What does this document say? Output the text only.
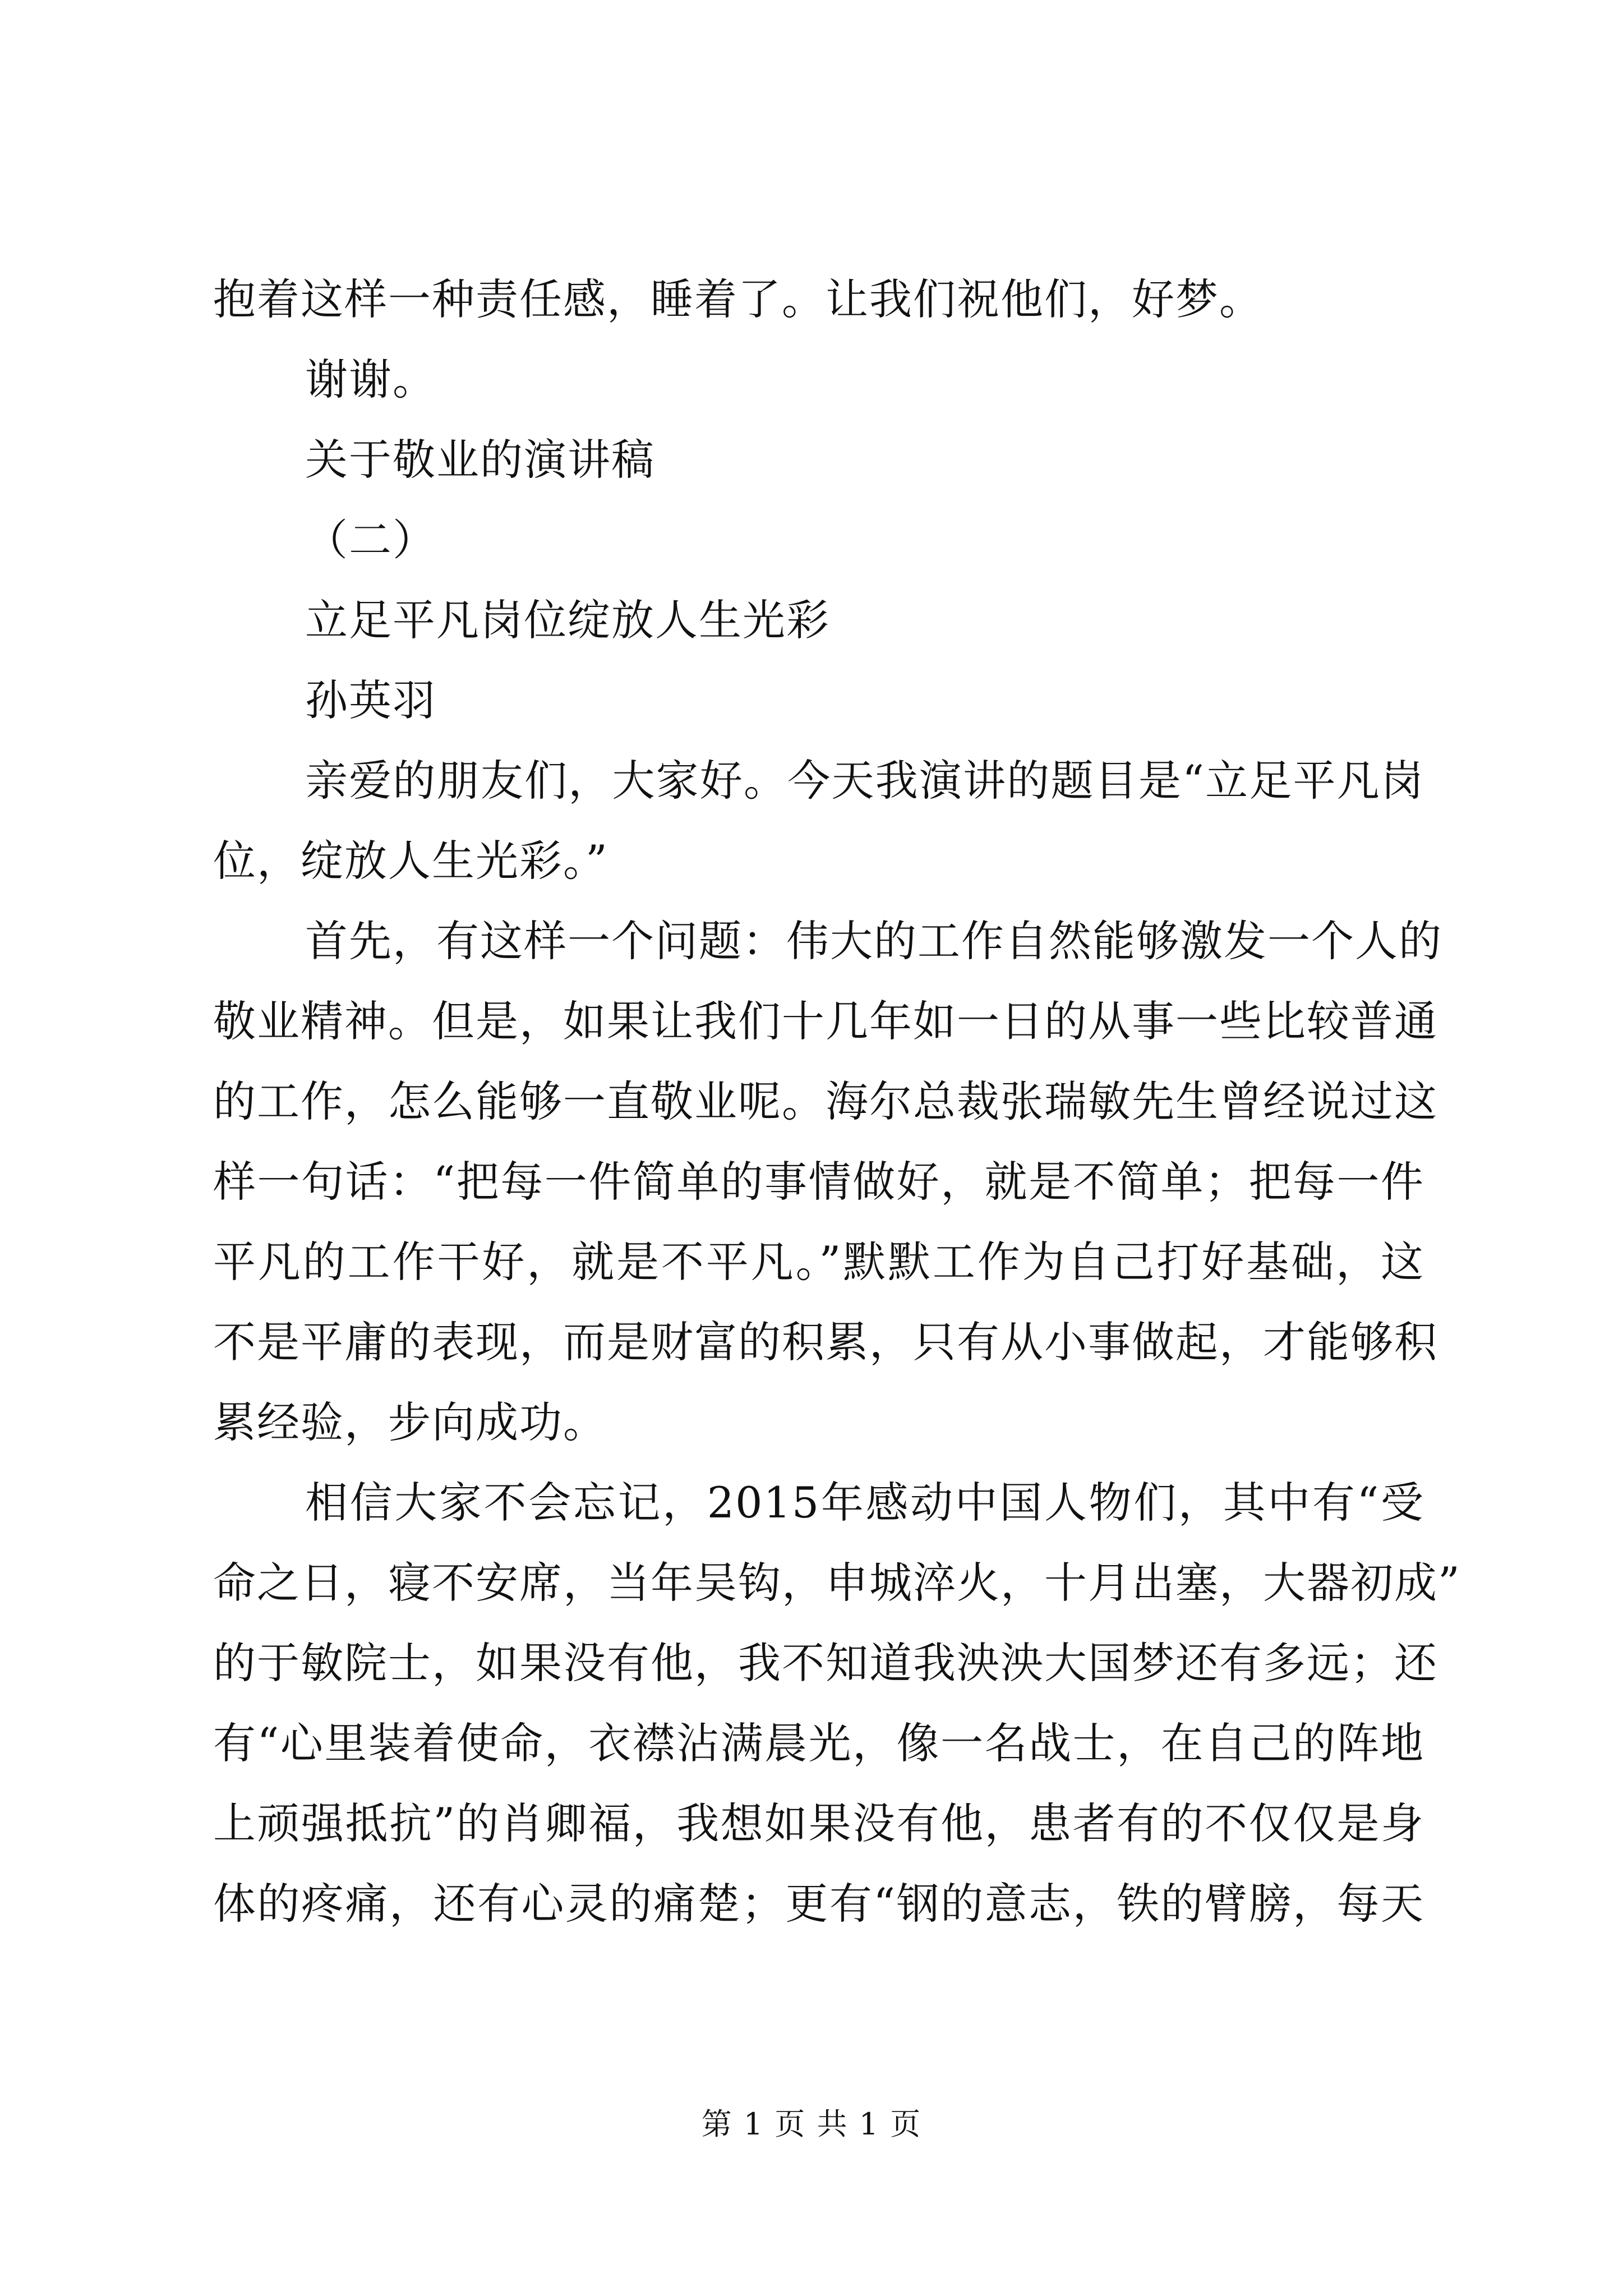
抱着这样一种责任感，睡着了。让我们祝他们，好梦。
谢谢。
关于敬业的演讲稿
（二）
立足平凡岗位绽放人生光彩
孙英羽
亲爱的朋友们，大家好。今天我演讲的题目是“立足平凡岗
位，绽放人生光彩。”
首先，有这样一个问题：伟大的工作自然能够激发一个人的
敬业精神。但是，如果让我们十几年如一日的从事一些比较普通
的工作，怎么能够一直敬业呢。海尔总裁张瑞敏先生曾经说过这
样一句话：“把每一件简单的事情做好，就是不简单；把每一件
平凡的工作干好，就是不平凡。”默默工作为自己打好基础，这
不是平庸的表现，而是财富的积累，只有从小事做起，才能够积
累经验，步向成功。
相信大家不会忘记，2015年感动中国人物们，其中有“受
命之日，寝不安席，当年吴钩，申城淬火，十月出塞，大器初成”
的于敏院士，如果没有他，我不知道我泱泱大国梦还有多远；还
有“心里装着使命，衣襟沾满晨光，像一名战士，在自己的阵地
上顽强抵抗”的肖卿福，我想如果没有他，患者有的不仅仅是身
体的疼痛，还有心灵的痛楚；更有“钢的意志，铁的臂膀，每天
第 1 页 共 1 页
